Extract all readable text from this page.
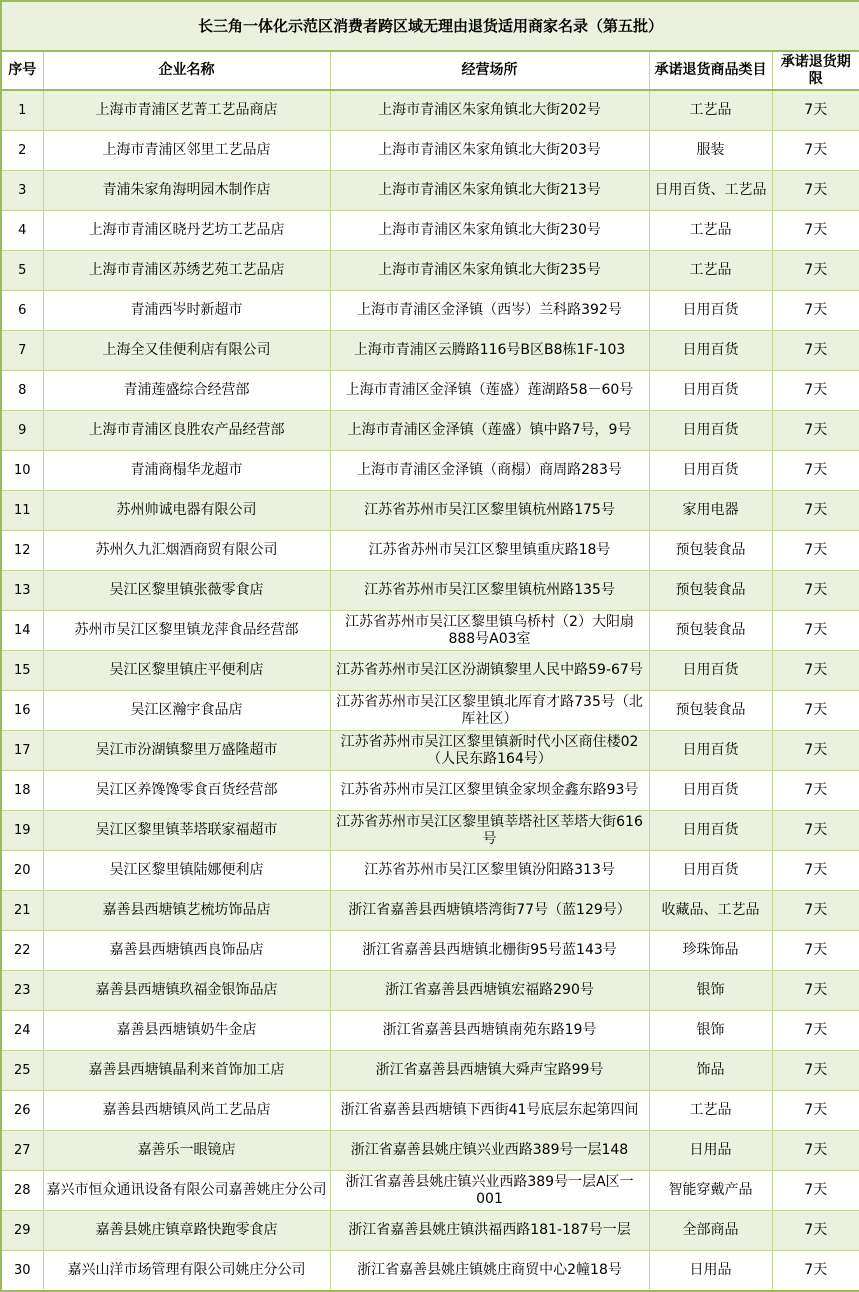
长三角一体化示范区消费者跨区域无理由退货适用商家名录（第五批）				
序号	企业名称	经营场所	承诺退货商品类目	承诺退货期限
1	上海市青浦区艺菁工艺品商店	上海市青浦区朱家角镇北大街202号	工艺品	7天
2	上海市青浦区邻里工艺品店	上海市青浦区朱家角镇北大街203号	服装	7天
3	青浦朱家角海明园木制作店	上海市青浦区朱家角镇北大街213号	日用百货、工艺品	7天
4	上海市青浦区晓丹艺坊工艺品店	上海市青浦区朱家角镇北大街230号	工艺品	7天
5	上海市青浦区苏绣艺苑工艺品店	上海市青浦区朱家角镇北大街235号	工艺品	7天
6	青浦西岑时新超市	上海市青浦区金泽镇（西岑）兰科路392号	日用百货	7天
7	上海全又佳便利店有限公司	上海市青浦区云腾路116号B区B8栋1F-103	日用百货	7天
8	青浦莲盛综合经营部	上海市青浦区金泽镇（莲盛）莲湖路58－60号	日用百货	7天
9	上海市青浦区良胜农产品经营部	上海市青浦区金泽镇（莲盛）镇中路7号，9号	日用百货	7天
10	青浦商榻华龙超市	上海市青浦区金泽镇（商榻）商周路283号	日用百货	7天
11	苏州帅诚电器有限公司	江苏省苏州市吴江区黎里镇杭州路175号	家用电器	7天
12	苏州久九汇烟酒商贸有限公司	江苏省苏州市吴江区黎里镇重庆路18号	预包装食品	7天
13	吴江区黎里镇张薇零食店	江苏省苏州市吴江区黎里镇杭州路135号	预包装食品	7天
14	苏州市吴江区黎里镇龙萍食品经营部	江苏省苏州市吴江区黎里镇乌桥村（2）大阳扇888号A03室	预包装食品	7天
15	吴江区黎里镇庄平便利店	江苏省苏州市吴江区汾湖镇黎里人民中路59-67号	日用百货	7天
16	吴江区瀚宇食品店	江苏省苏州市吴江区黎里镇北厍育才路735号（北厍社区）	预包装食品	7天
17	吴江市汾湖镇黎里万盛隆超市	江苏省苏州市吴江区黎里镇新时代小区商住楼02（人民东路164号）	日用百货	7天
18	吴江区养馋馋零食百货经营部	江苏省苏州市吴江区黎里镇金家坝金鑫东路93号	日用百货	7天
19	吴江区黎里镇莘塔联家福超市	江苏省苏州市吴江区黎里镇莘塔社区莘塔大街616号	日用百货	7天
20	吴江区黎里镇陆娜便利店	江苏省苏州市吴江区黎里镇汾阳路313号	日用百货	7天
21	嘉善县西塘镇艺梳坊饰品店	浙江省嘉善县西塘镇塔湾街77号（蓝129号）	收藏品、工艺品	7天
22	嘉善县西塘镇西良饰品店	浙江省嘉善县西塘镇北栅街95号蓝143号	珍珠饰品	7天
23	嘉善县西塘镇玖福金银饰品店	浙江省嘉善县西塘镇宏福路290号	银饰	7天
24	嘉善县西塘镇奶牛金店	浙江省嘉善县西塘镇南苑东路19号	银饰	7天
25	嘉善县西塘镇晶利来首饰加工店	浙江省嘉善县西塘镇大舜声宝路99号	饰品	7天
26	嘉善县西塘镇风尚工艺品店	浙江省嘉善县西塘镇下西街41号底层东起第四间	工艺品	7天
27	嘉善乐一眼镜店	浙江省嘉善县姚庄镇兴业西路389号一层148	日用品	7天
28	嘉兴市恒众通讯设备有限公司嘉善姚庄分公司	浙江省嘉善县姚庄镇兴业西路389号一层A区一001	智能穿戴产品	7天
29	嘉善县姚庄镇章路快跑零食店	浙江省嘉善县姚庄镇洪福西路181-187号一层	全部商品	7天
30	嘉兴山洋市场管理有限公司姚庄分公司	浙江省嘉善县姚庄镇姚庄商贸中心2幢18号	日用品	7天
